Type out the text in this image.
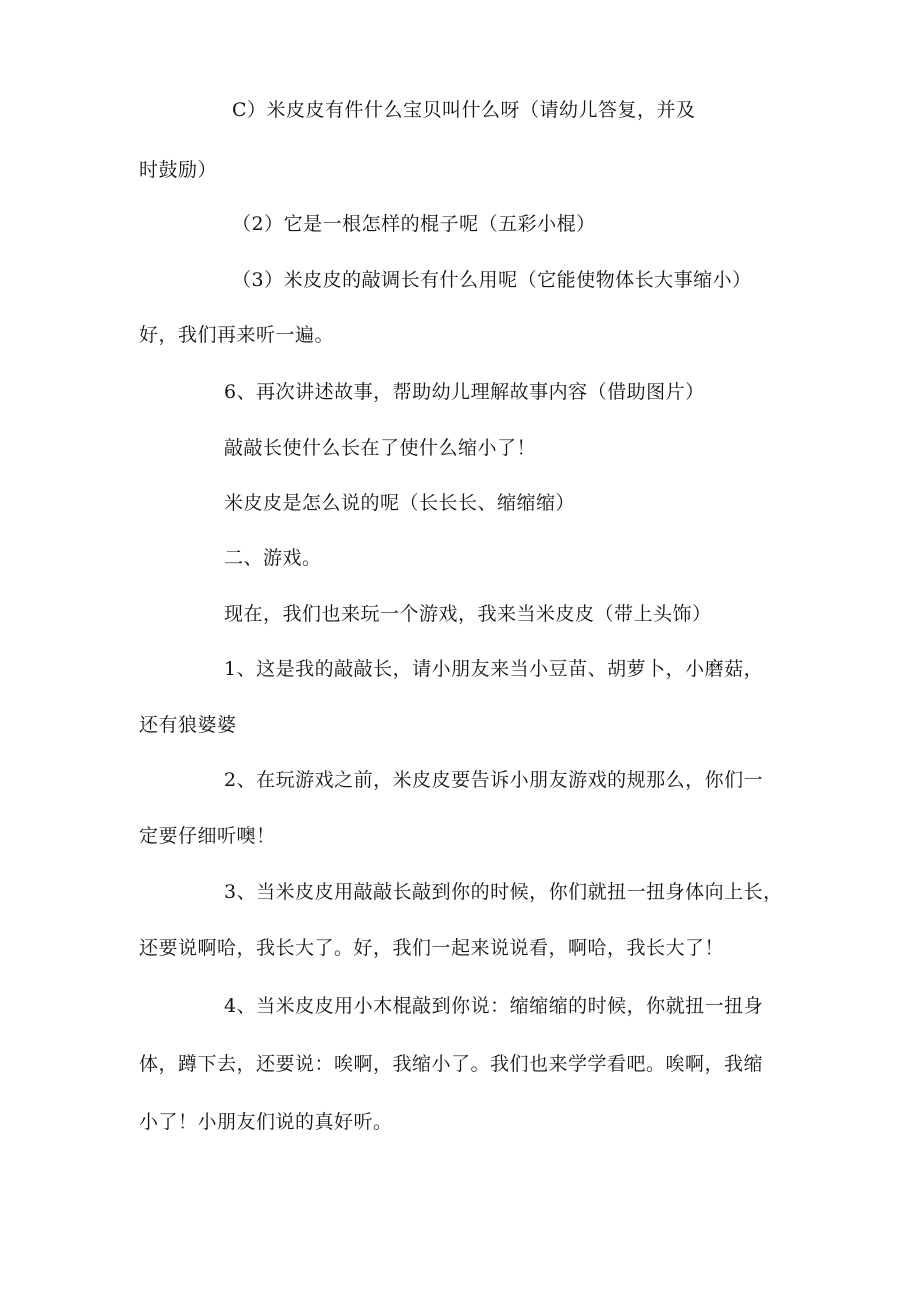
C）米皮皮有件什么宝贝叫什么呀（请幼儿答复，并及
时鼓励）
（2）它是一根怎样的棍子呢（五彩小棍）
（3）米皮皮的敲调长有什么用呢（它能使物体长大事缩小）
好，我们再来听一遍。
6、再次讲述故事，帮助幼儿理解故事内容（借助图片）
敲敲长使什么长在了使什么缩小了！
米皮皮是怎么说的呢（长长长、缩缩缩）
二、游戏。
现在，我们也来玩一个游戏，我来当米皮皮（带上头饰）
1、这是我的敲敲长，请小朋友来当小豆苗、胡萝卜，小磨菇，
还有狼婆婆
2、在玩游戏之前，米皮皮要告诉小朋友游戏的规那么，你们一
定要仔细听噢！
3、当米皮皮用敲敲长敲到你的时候，你们就扭一扭身体向上长，
还要说啊哈，我长大了。好，我们一起来说说看，啊哈，我长大了！
4、当米皮皮用小木棍敲到你说：缩缩缩的时候，你就扭一扭身
体，蹲下去，还要说：唉啊，我缩小了。我们也来学学看吧。唉啊，我缩
小了！小朋友们说的真好听。
